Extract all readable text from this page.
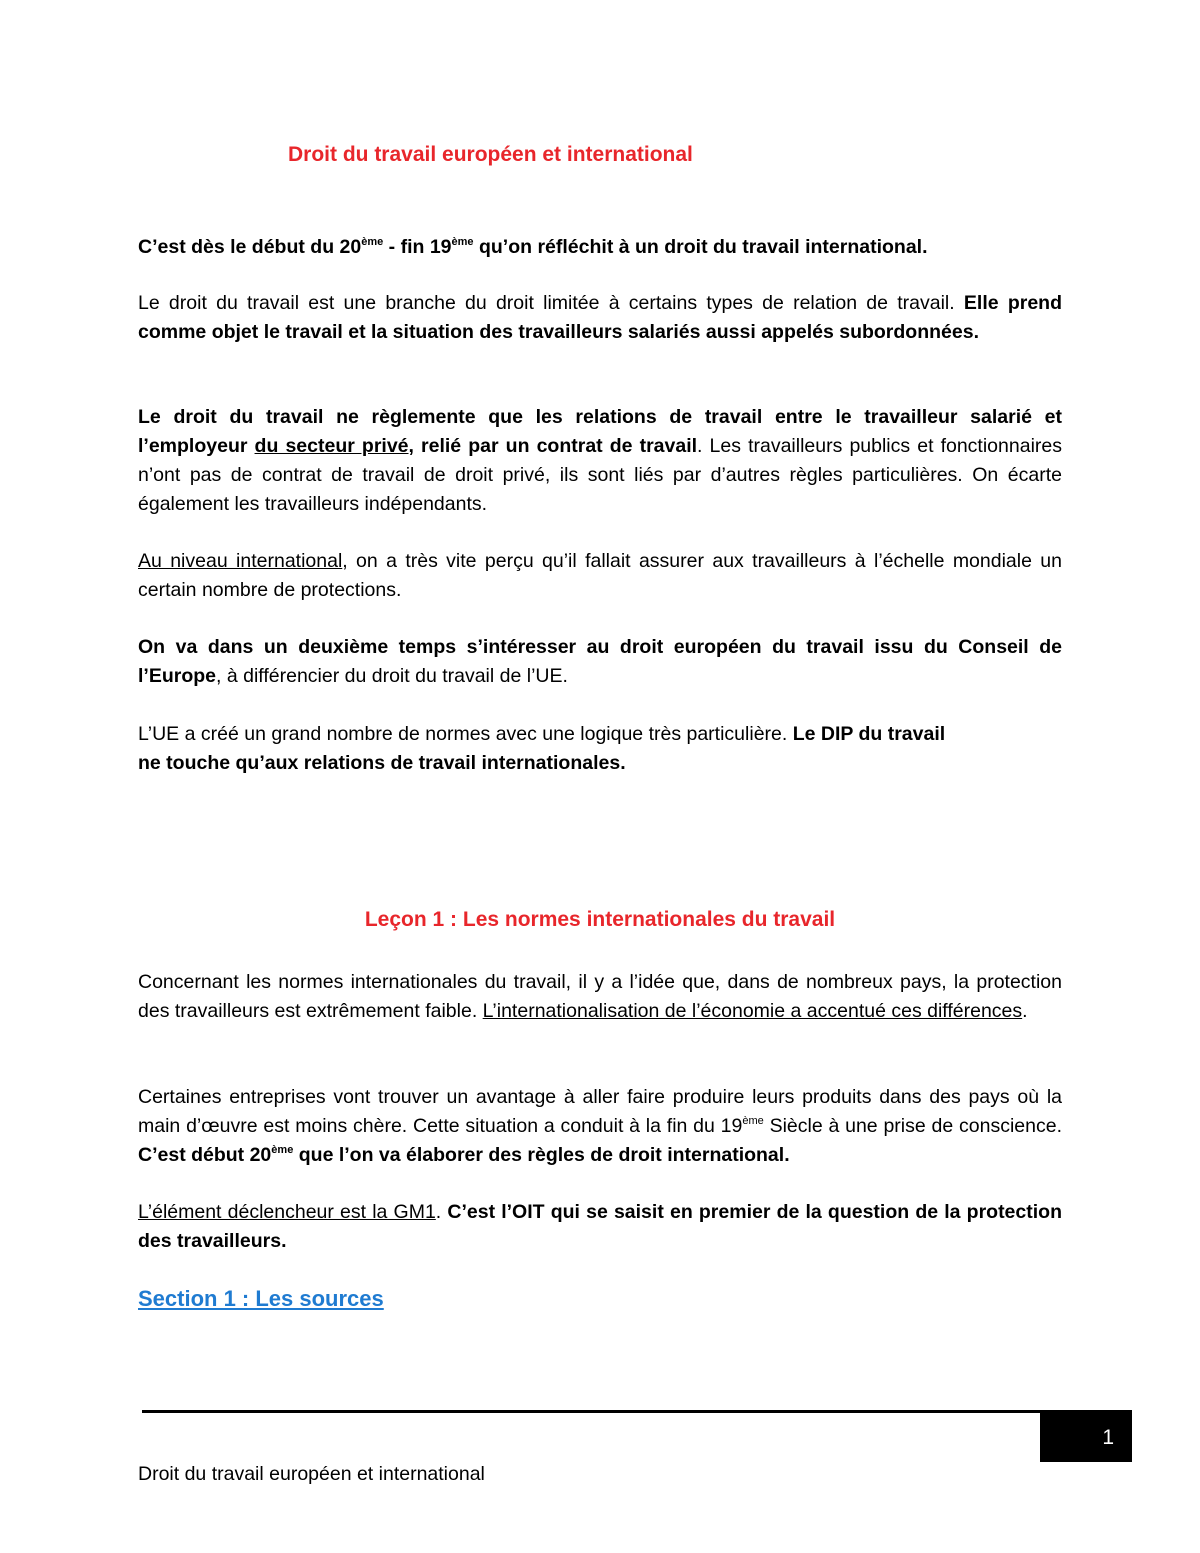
Droit du travail européen et international

C’est dès le début du 20ème - fin 19ème qu’on réfléchit à un droit du travail international.

Le droit du travail est une branche du droit limitée à certains types de relation de travail. Elle prend comme objet le travail et la situation des travailleurs salariés aussi appelés subordonnées.

Le droit du travail ne règlemente que les relations de travail entre le travailleur salarié et l’employeur du secteur privé, relié par un contrat de travail. Les travailleurs publics et fonctionnaires n’ont pas de contrat de travail de droit privé, ils sont liés par d’autres règles particulières. On écarte également les travailleurs indépendants.

Au niveau international, on a très vite perçu qu’il fallait assurer aux travailleurs à l’échelle mondiale un certain nombre de protections.

On va dans un deuxième temps s’intéresser au droit européen du travail issu du Conseil de l’Europe, à différencier du droit du travail de l’UE.

L’UE a créé un grand nombre de normes avec une logique très particulière. Le DIP du travail
ne touche qu’aux relations de travail internationales.

Leçon 1 : Les normes internationales du travail

Concernant les normes internationales du travail, il y a l’idée que, dans de nombreux pays, la protection des travailleurs est extrêmement faible. L’internationalisation de l’économie a accentué ces différences.

Certaines entreprises vont trouver un avantage à aller faire produire leurs produits dans des pays où la main d’œuvre est moins chère. Cette situation a conduit à la fin du 19ème Siècle à une prise de conscience. C’est début 20ème que l’on va élaborer des règles de droit international.

L’élément déclencheur est la GM1. C’est l’OIT qui se saisit en premier de la question de la protection des travailleurs.

Section 1 : Les sources
1

Droit du travail européen et international
